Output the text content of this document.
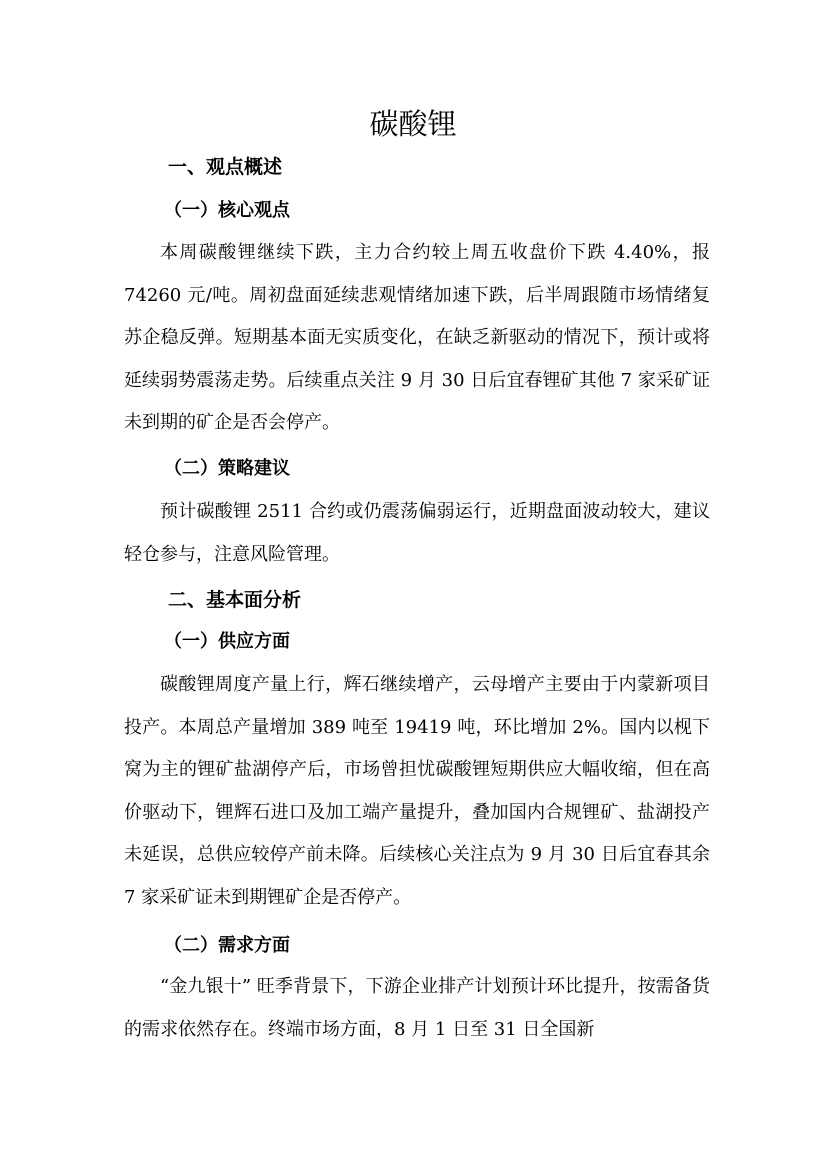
碳酸锂
一、观点概述
（一）核心观点

本周碳酸锂继续下跌，主力合约较上周五收盘价下跌 4.40%，报 74260 元/吨。周初盘面延续悲观情绪加速下跌，后半周跟随市场情绪复苏企稳反弹。短期基本面无实质变化，在缺乏新驱动的情况下，预计或将延续弱势震荡走势。后续重点关注 9 月 30 日后宜春锂矿其他 7 家采矿证未到期的矿企是否会停产。

（二）策略建议

预计碳酸锂 2511 合约或仍震荡偏弱运行，近期盘面波动较大，建议轻仓参与，注意风险管理。

二、基本面分析
（一）供应方面

碳酸锂周度产量上行，辉石继续增产，云母增产主要由于内蒙新项目投产。本周总产量增加 389 吨至 19419 吨，环比增加 2%。国内以枧下窝为主的锂矿盐湖停产后，市场曾担忧碳酸锂短期供应大幅收缩，但在高价驱动下，锂辉石进口及加工端产量提升，叠加国内合规锂矿、盐湖投产未延误，总供应较停产前未降。后续核心关注点为 9 月 30 日后宜春其余 7 家采矿证未到期锂矿企是否停产。

（二）需求方面

“金九银十” 旺季背景下，下游企业排产计划预计环比提升，按需备货的需求依然存在。终端市场方面，8 月 1 日至 31 日全国新
